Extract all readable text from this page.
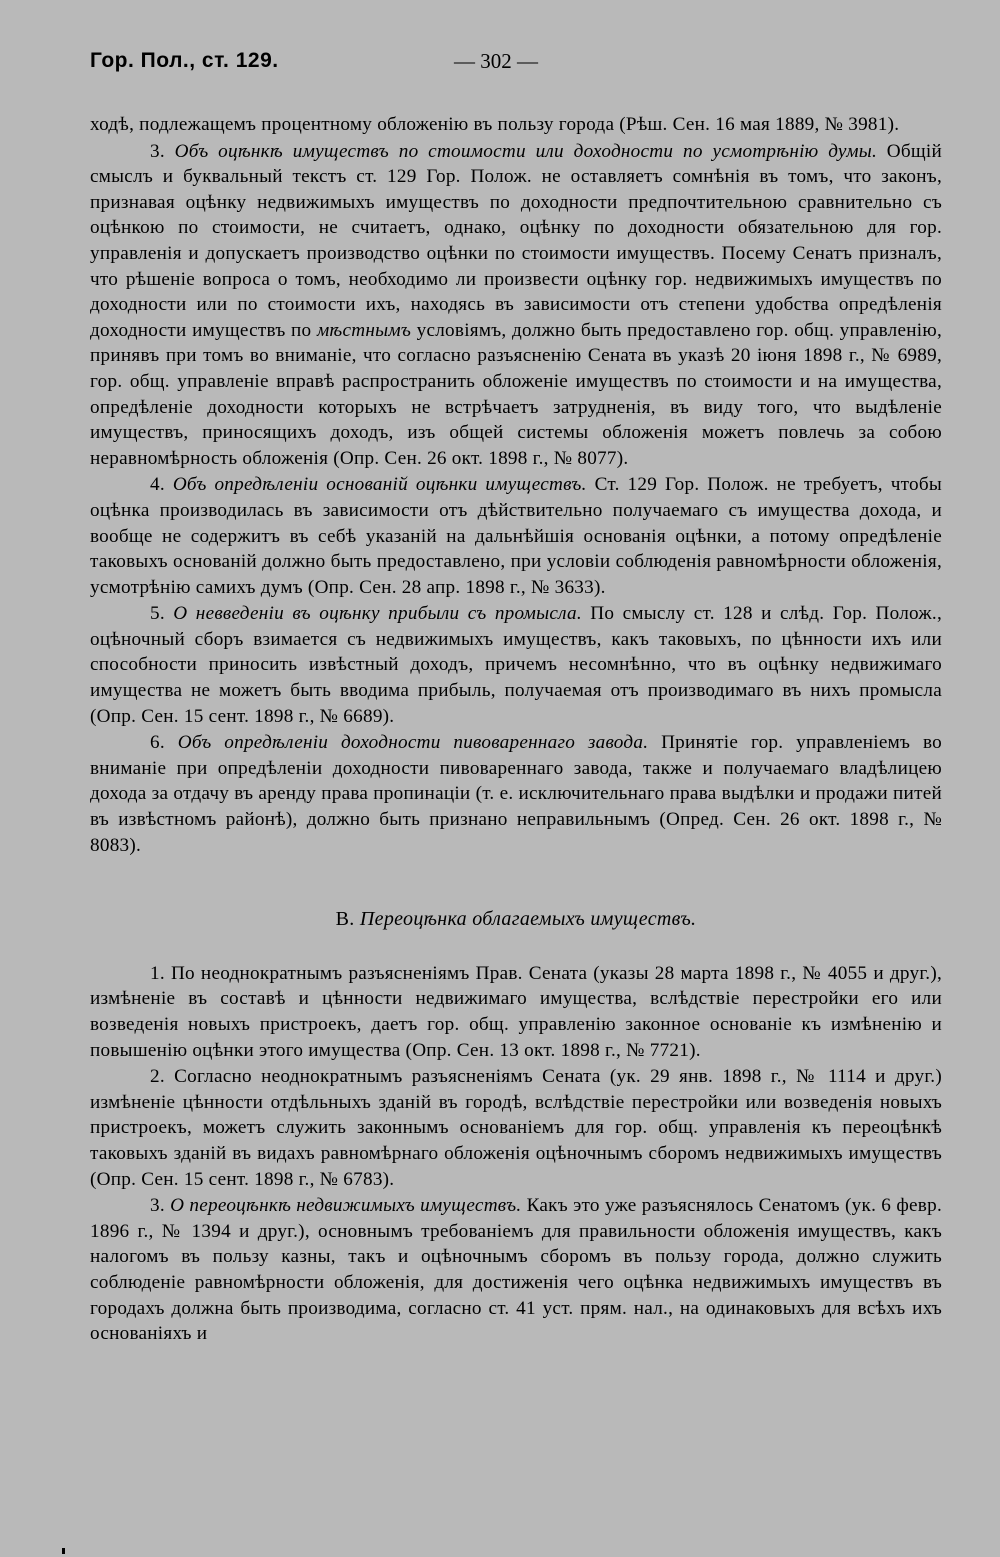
Гор. Пол., ст. 129.	— 302 —

ходѣ, подлежащемъ процентному обложенію въ пользу города (Рѣш. Сен. 16 мая 1889, № 3981).

3. Объ оцѣнкѣ имуществъ по стоимости или доходности по усмотрѣнію думы. Общій смыслъ и буквальный текстъ ст. 129 Гор. Полож. не оставляетъ сомнѣнія въ томъ, что законъ, признавая оцѣнку недвижимыхъ имуществъ по доходности предпочтительною сравнительно съ оцѣнкою по стоимости, не считаетъ, однако, оцѣнку по доходности обязательною для гор. управленія и допускаетъ производство оцѣнки по стоимости имуществъ. Посему Сенатъ призналъ, что рѣшеніе вопроса о томъ, необходимо ли произвести оцѣнку гор. недвижимыхъ имуществъ по доходности или по стоимости ихъ, находясь въ зависимости отъ степени удобства опредѣленія доходности имуществъ по мѣстнымъ условіямъ, должно быть предоставлено гор. общ. управленію, принявъ при томъ во вниманіе, что согласно разъясненію Сената въ указѣ 20 іюня 1898 г., № 6989, гор. общ. управленіе вправѣ распространить обложеніе имуществъ по стоимости и на имущества, опредѣленіе доходности которыхъ не встрѣчаетъ затрудненія, въ виду того, что выдѣленіе имуществъ, приносящихъ доходъ, изъ общей системы обложенія можетъ повлечь за собою неравномѣрность обложенія (Опр. Сен. 26 окт. 1898 г., № 8077).

4. Объ опредѣленіи основаній оцѣнки имуществъ. Ст. 129 Гор. Полож. не требуетъ, чтобы оцѣнка производилась въ зависимости отъ дѣйствительно получаемаго съ имущества дохода, и вообще не содержитъ въ себѣ указаній на дальнѣйшія основанія оцѣнки, а потому опредѣленіе таковыхъ основаній должно быть предоставлено, при условіи соблюденія равномѣрности обложенія, усмотрѣнію самихъ думъ (Опр. Сен. 28 апр. 1898 г., № 3633).

5. О невведеніи въ оцѣнку прибыли съ промысла. По смыслу ст. 128 и слѣд. Гор. Полож., оцѣночный сборъ взимается съ недвижимыхъ имуществъ, какъ таковыхъ, по цѣнности ихъ или способности приносить извѣстный доходъ, причемъ несомнѣнно, что въ оцѣнку недвижимаго имущества не можетъ быть вводима прибыль, получаемая отъ производимаго въ нихъ промысла (Опр. Сен. 15 сент. 1898 г., № 6689).

6. Объ опредѣленіи доходности пивовареннаго завода. Принятіе гор. управленіемъ во вниманіе при опредѣленіи доходности пивовареннаго завода, также и получаемаго владѣлицею дохода за отдачу въ аренду права пропинаціи (т. е. исключительнаго права выдѣлки и продажи питей въ извѣстномъ районѣ), должно быть признано неправильнымъ (Опред. Сен. 26 окт. 1898 г., № 8083).

В. Переоцѣнка облагаемыхъ имуществъ.

1. По неоднократнымъ разъясненіямъ Прав. Сената (указы 28 марта 1898 г., № 4055 и друг.), измѣненіе въ составѣ и цѣнности недвижимаго имущества, вслѣдствіе перестройки его или возведенія новыхъ пристроекъ, даетъ гор. общ. управленію законное основаніе къ измѣненію и повышенію оцѣнки этого имущества (Опр. Сен. 13 окт. 1898 г., № 7721).

2. Согласно неоднократнымъ разъясненіямъ Сената (ук. 29 янв. 1898 г., № 1114 и друг.) измѣненіе цѣнности отдѣльныхъ зданій въ городѣ, вслѣдствіе перестройки или возведенія новыхъ пристроекъ, можетъ служить законнымъ основаніемъ для гор. общ. управленія къ переоцѣнкѣ таковыхъ зданій въ видахъ равномѣрнаго обложенія оцѣночнымъ сборомъ недвижимыхъ имуществъ (Опр. Сен. 15 сент. 1898 г., № 6783).

3. О переоцѣнкѣ недвижимыхъ имуществъ. Какъ это уже разъяснялось Сенатомъ (ук. 6 февр. 1896 г., № 1394 и друг.), основнымъ требованіемъ для правильности обложенія имуществъ, какъ налогомъ въ пользу казны, такъ и оцѣночнымъ сборомъ въ пользу города, должно служить соблюденіе равномѣрности обложенія, для достиженія чего оцѣнка недвижимыхъ имуществъ въ городахъ должна быть производима, согласно ст. 41 уст. прям. нал., на одинаковыхъ для всѣхъ ихъ основаніяхъ и
